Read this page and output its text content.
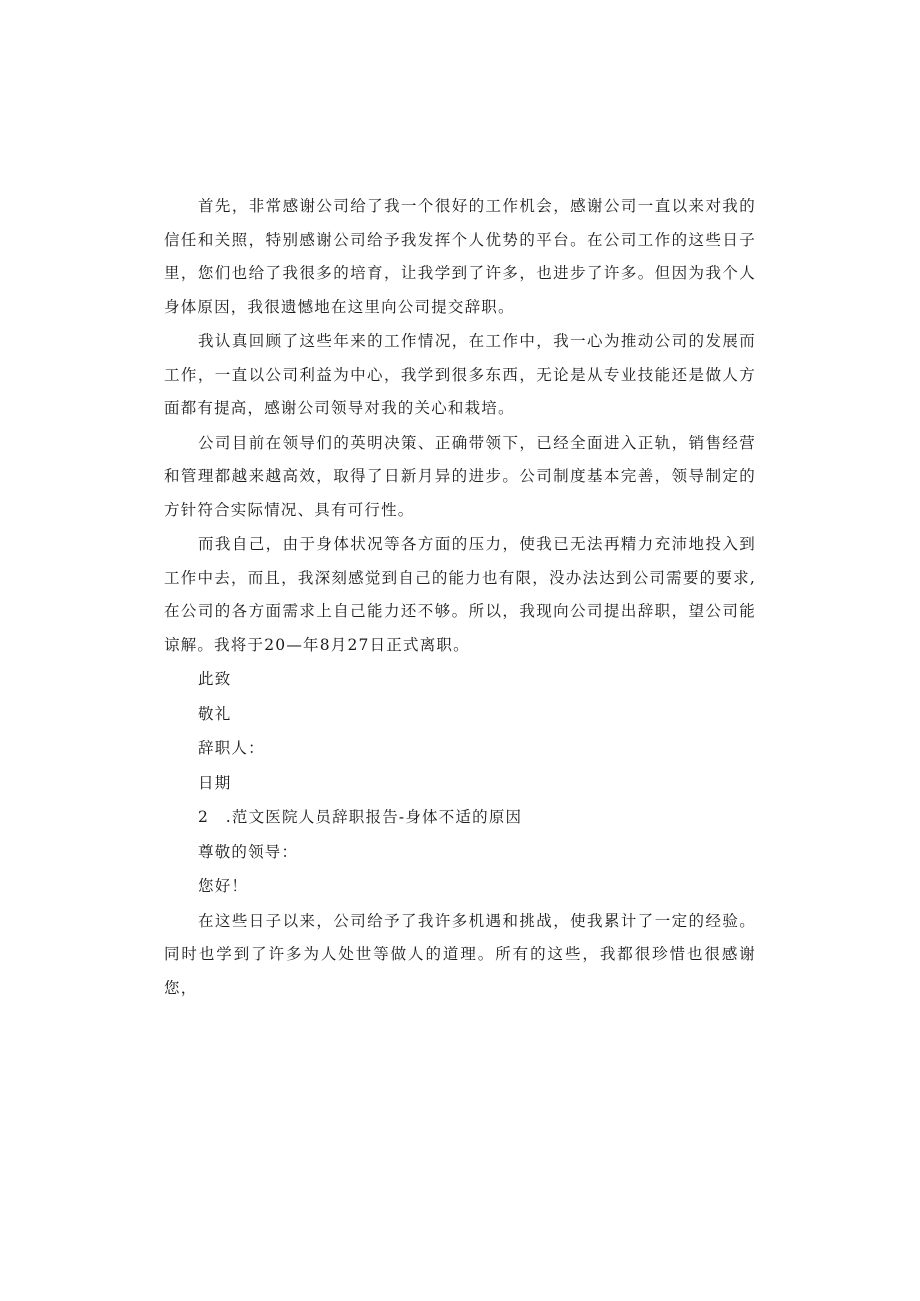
首先，非常感谢公司给了我一个很好的工作机会，感谢公司一直以来对我的信任和关照，特别感谢公司给予我发挥个人优势的平台。在公司工作的这些日子里，您们也给了我很多的培育，让我学到了许多，也进步了许多。但因为我个人身体原因，我很遗憾地在这里向公司提交辞职。

我认真回顾了这些年来的工作情况，在工作中，我一心为推动公司的发展而工作，一直以公司利益为中心，我学到很多东西，无论是从专业技能还是做人方面都有提高，感谢公司领导对我的关心和栽培。

公司目前在领导们的英明决策、正确带领下，已经全面进入正轨，销售经营和管理都越来越高效，取得了日新月异的进步。公司制度基本完善，领导制定的方针符合实际情况、具有可行性。

而我自己，由于身体状况等各方面的压力，使我已无法再精力充沛地投入到工作中去，而且，我深刻感觉到自己的能力也有限，没办法达到公司需要的要求,在公司的各方面需求上自己能力还不够。所以，我现向公司提出辞职，望公司能谅解。我将于20—年8月27日正式离职。

此致

敬礼

辞职人：

日期

2　.范文医院人员辞职报告-身体不适的原因

尊敬的领导：

您好！

在这些日子以来，公司给予了我许多机遇和挑战，使我累计了一定的经验。同时也学到了许多为人处世等做人的道理。所有的这些，我都很珍惜也很感谢您，
